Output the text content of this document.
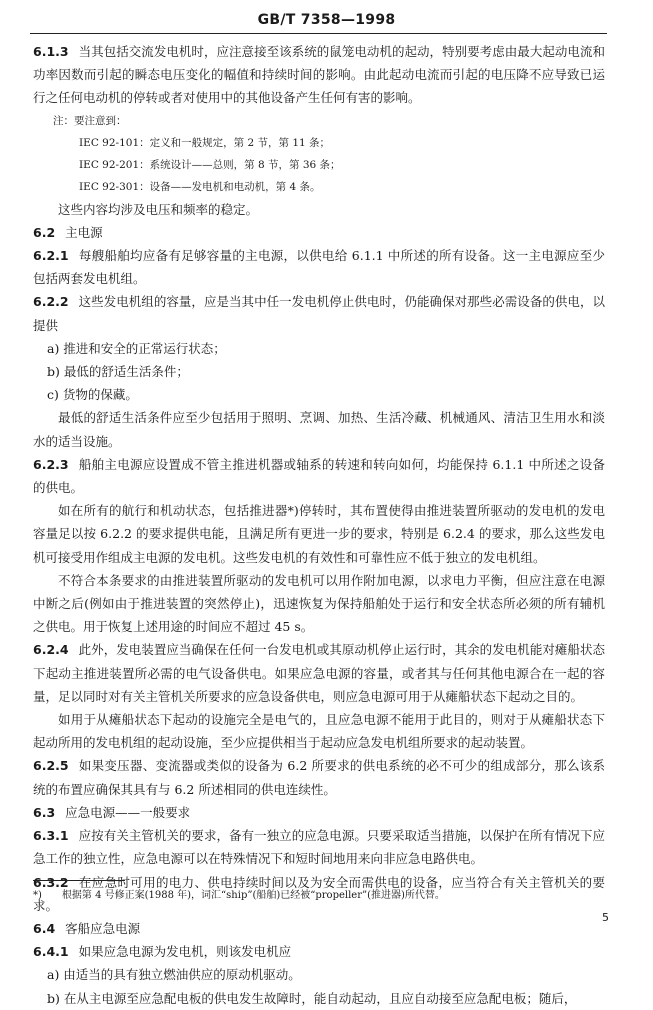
GB/T 7358—1998

6.1.3 当其包括交流发电机时，应注意接至该系统的鼠笼电动机的起动，特别要考虑由最大起动电流和功率因数而引起的瞬态电压变化的幅值和持续时间的影响。由此起动电流而引起的电压降不应导致已运行之任何电动机的停转或者对使用中的其他设备产生任何有害的影响。

注：要注意到：

IEC 92-101：定义和一般规定，第 2 节，第 11 条；

IEC 92-201：系统设计——总则，第 8 节，第 36 条；

IEC 92-301：设备——发电机和电动机，第 4 条。

这些内容均涉及电压和频率的稳定。

6.2 主电源

6.2.1 每艘船舶均应备有足够容量的主电源，以供电给 6.1.1 中所述的所有设备。这一主电源应至少包括两套发电机组。

6.2.2 这些发电机组的容量，应是当其中任一发电机停止供电时，仍能确保对那些必需设备的供电，以提供

a) 推进和安全的正常运行状态；

b) 最低的舒适生活条件；

c) 货物的保藏。

最低的舒适生活条件应至少包括用于照明、烹调、加热、生活冷藏、机械通风、清洁卫生用水和淡水的适当设施。

6.2.3 船舶主电源应设置成不管主推进机器或轴系的转速和转向如何，均能保持 6.1.1 中所述之设备的供电。

如在所有的航行和机动状态，包括推进器*)停转时，其布置使得由推进装置所驱动的发电机的发电容量足以按 6.2.2 的要求提供电能，且满足所有更进一步的要求，特别是 6.2.4 的要求，那么这些发电机可接受用作组成主电源的发电机。这些发电机的有效性和可靠性应不低于独立的发电机组。

不符合本条要求的由推进装置所驱动的发电机可以用作附加电源，以求电力平衡，但应注意在电源中断之后(例如由于推进装置的突然停止)，迅速恢复为保持船舶处于运行和安全状态所必须的所有辅机之供电。用于恢复上述用途的时间应不超过 45 s。

6.2.4 此外，发电装置应当确保在任何一台发电机或其原动机停止运行时，其余的发电机能对瘫船状态下起动主推进装置所必需的电气设备供电。如果应急电源的容量，或者其与任何其他电源合在一起的容量，足以同时对有关主管机关所要求的应急设备供电，则应急电源可用于从瘫船状态下起动之目的。

如用于从瘫船状态下起动的设施完全是电气的，且应急电源不能用于此目的，则对于从瘫船状态下起动所用的发电机组的起动设施，至少应提供相当于起动应急发电机组所要求的起动装置。

6.2.5 如果变压器、变流器或类似的设备为 6.2 所要求的供电系统的必不可少的组成部分，那么该系统的布置应确保其具有与 6.2 所述相同的供电连续性。

6.3 应急电源——一般要求

6.3.1 应按有关主管机关的要求，备有一独立的应急电源。只要采取适当措施，以保护在所有情况下应急工作的独立性，应急电源可以在特殊情况下和短时间地用来向非应急电路供电。

6.3.2 在应急时可用的电力、供电持续时间以及为安全而需供电的设备，应当符合有关主管机关的要求。

6.4 客船应急电源

6.4.1 如果应急电源为发电机，则该发电机应

a) 由适当的具有独立燃油供应的原动机驱动。

b) 在从主电源至应急配电板的供电发生故障时，能自动起动，且应自动接至应急配电板；随后，

*) 根据第 4 号修正案(1988 年)，词汇“ship”(船舶)已经被“propeller”(推进器)所代替。
5
